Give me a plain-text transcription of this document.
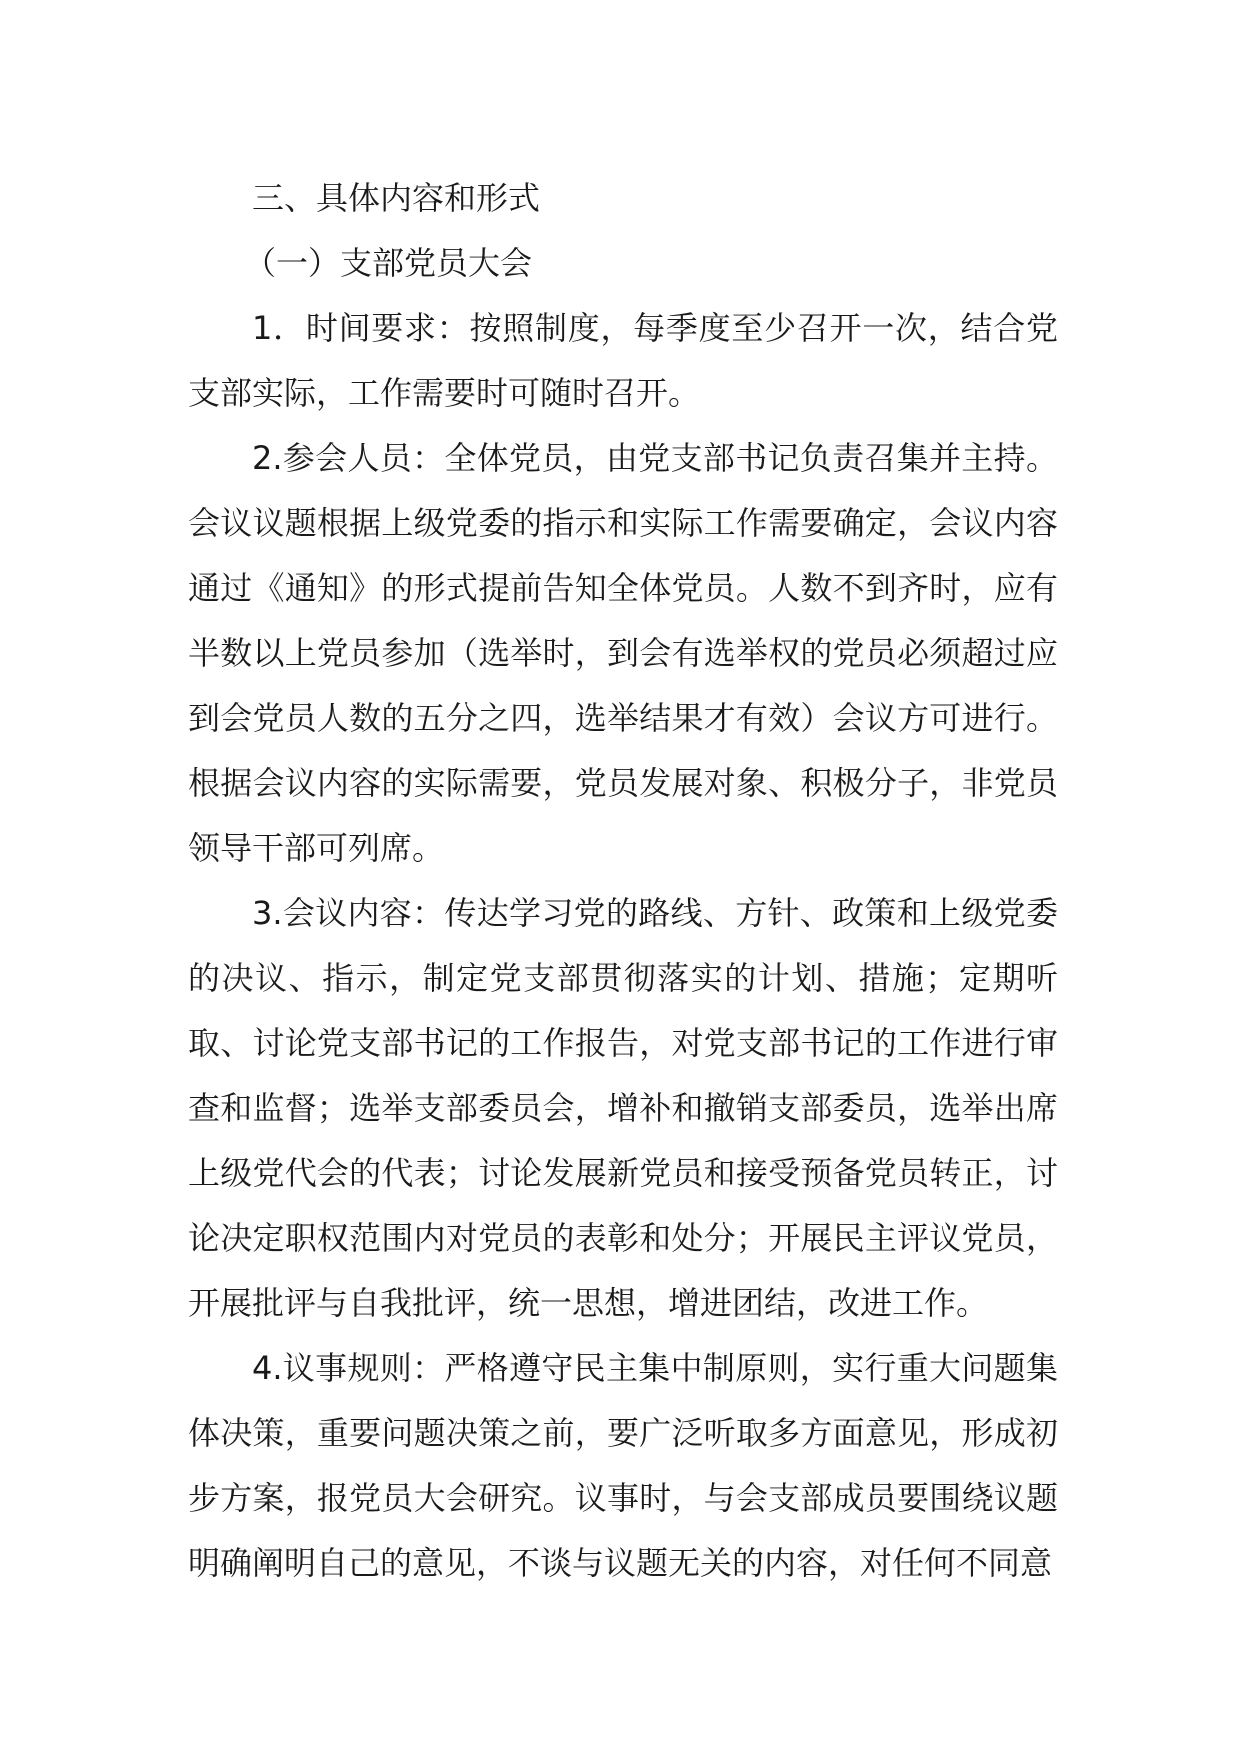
三、具体内容和形式

（一）支部党员大会

1．时间要求：按照制度，每季度至少召开一次，结合党支部实际，工作需要时可随时召开。

2.参会人员：全体党员，由党支部书记负责召集并主持。会议议题根据上级党委的指示和实际工作需要确定，会议内容通过《通知》的形式提前告知全体党员。人数不到齐时，应有半数以上党员参加（选举时，到会有选举权的党员必须超过应到会党员人数的五分之四，选举结果才有效）会议方可进行。根据会议内容的实际需要，党员发展对象、积极分子，非党员领导干部可列席。

3.会议内容：传达学习党的路线、方针、政策和上级党委的决议、指示，制定党支部贯彻落实的计划、措施；定期听取、讨论党支部书记的工作报告，对党支部书记的工作进行审查和监督；选举支部委员会，增补和撤销支部委员，选举出席上级党代会的代表；讨论发展新党员和接受预备党员转正，讨论决定职权范围内对党员的表彰和处分；开展民主评议党员，开展批评与自我批评，统一思想，增进团结，改进工作。

4.议事规则：严格遵守民主集中制原则，实行重大问题集体决策，重要问题决策之前，要广泛听取多方面意见，形成初步方案，报党员大会研究。议事时，与会支部成员要围绕议题明确阐明自己的意见，不谈与议题无关的内容，对任何不同意
